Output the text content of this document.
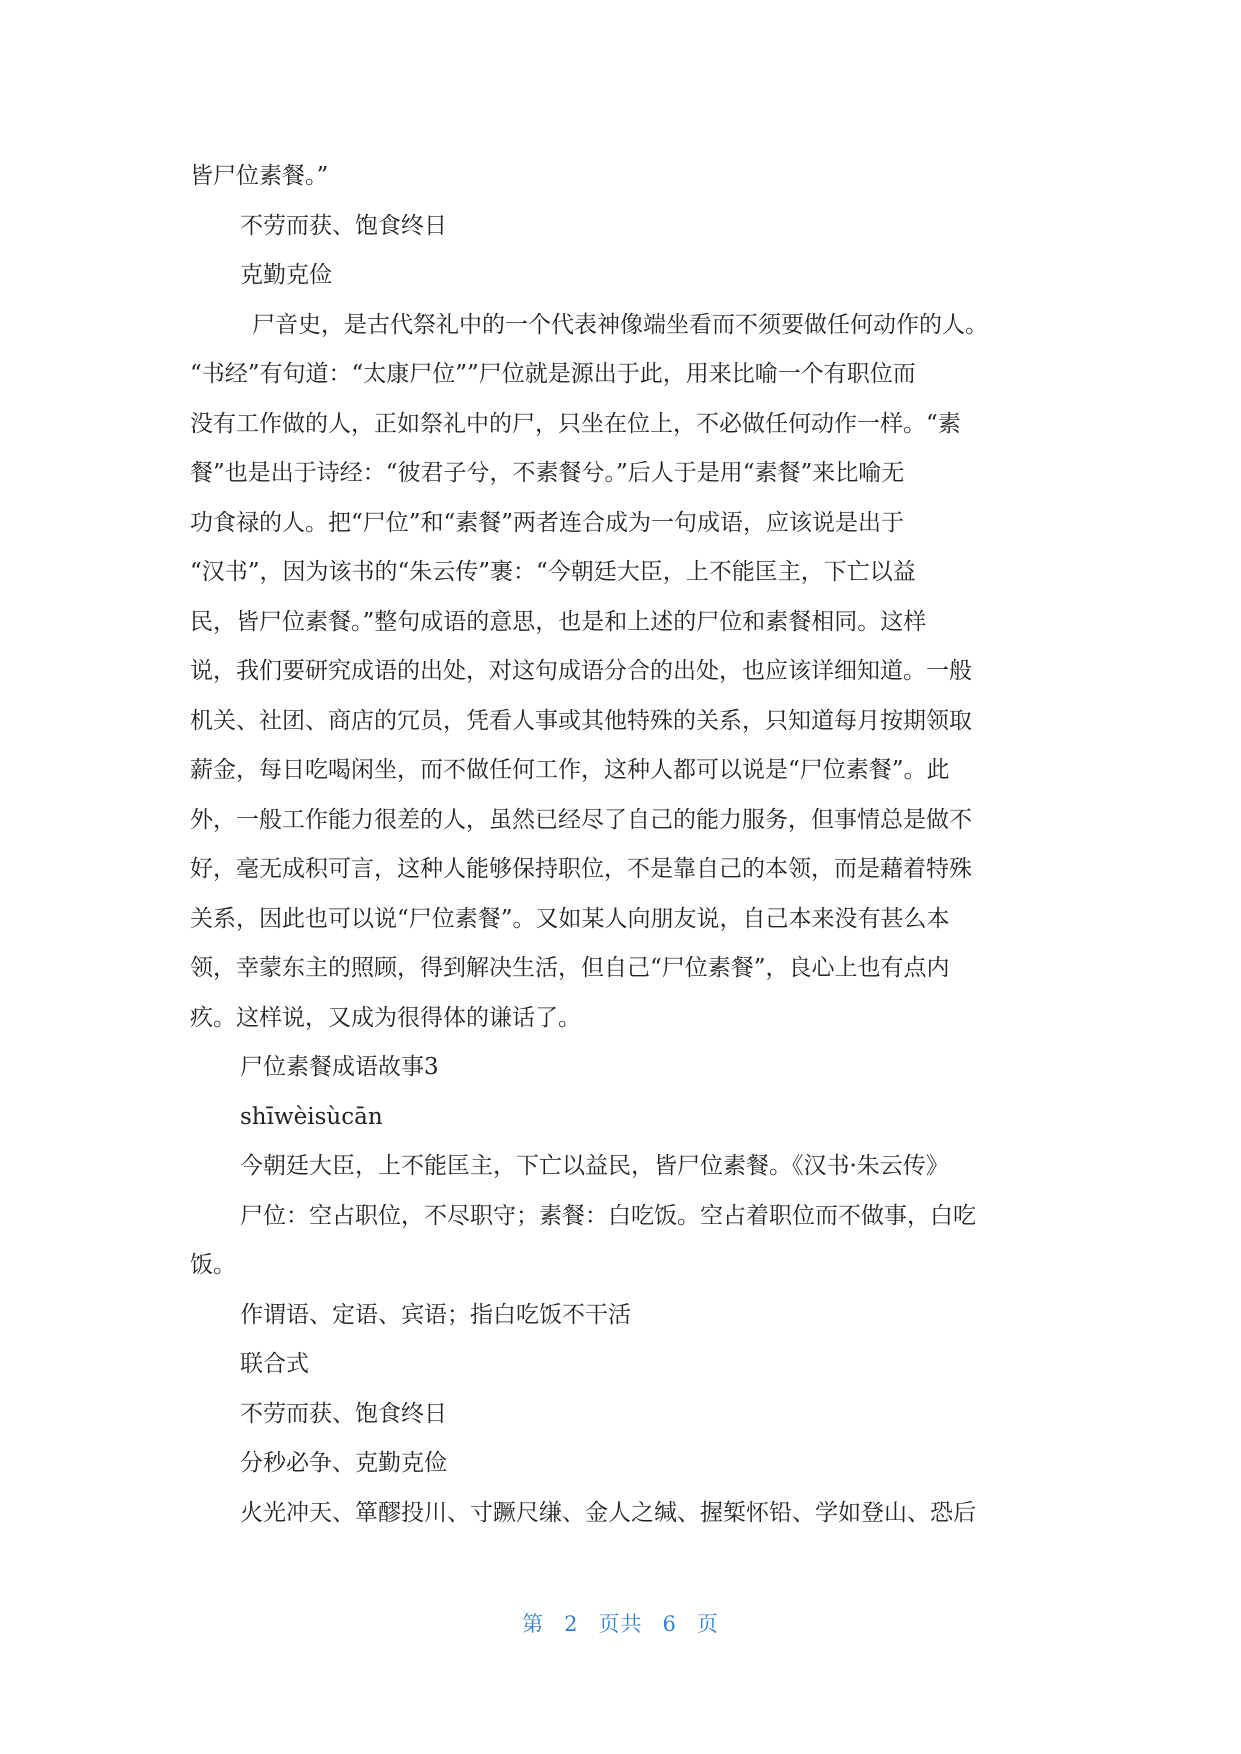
皆尸位素餐。”

不劳而获、饱食终日

克勤克俭

尸音史，是古代祭礼中的一个代表神像端坐看而不须要做任何动作的人。

“书经”有句道：“太康尸位””尸位就是源出于此，用来比喻一个有职位而

没有工作做的人，正如祭礼中的尸，只坐在位上，不必做任何动作一样。“素

餐”也是出于诗经：“彼君子兮，不素餐兮。”后人于是用“素餐”来比喻无

功食禄的人。把“尸位”和“素餐”两者连合成为一句成语，应该说是出于

“汉书”，因为该书的“朱云传”裹：“今朝廷大臣，上不能匡主，下亡以益

民，皆尸位素餐。”整句成语的意思，也是和上述的尸位和素餐相同。这样

说，我们要研究成语的出处，对这句成语分合的出处，也应该详细知道。一般

机关、社团、商店的冗员，凭看人事或其他特殊的关系，只知道每月按期领取

薪金，每日吃喝闲坐，而不做任何工作，这种人都可以说是“尸位素餐”。此

外，一般工作能力很差的人，虽然已经尽了自己的能力服务，但事情总是做不

好，毫无成积可言，这种人能够保持职位，不是靠自己的本领，而是藉着特殊

关系，因此也可以说“尸位素餐”。又如某人向朋友说，自己本来没有甚么本

领，幸蒙东主的照顾，得到解决生活，但自己“尸位素餐”，良心上也有点内

疚。这样说，又成为很得体的谦话了。

尸位素餐成语故事3

shīwèisùcān

今朝廷大臣，上不能匡主，下亡以益民，皆尸位素餐。《汉书·朱云传》

尸位：空占职位，不尽职守；素餐：白吃饭。空占着职位而不做事，白吃

饭。

作谓语、定语、宾语；指白吃饭不干活

联合式

不劳而获、饱食终日

分秒必争、克勤克俭

火光冲天、箪醪投川、寸蹶尺缣、金人之缄、握椠怀铅、学如登山、恐后

第 2 页共 6 页
